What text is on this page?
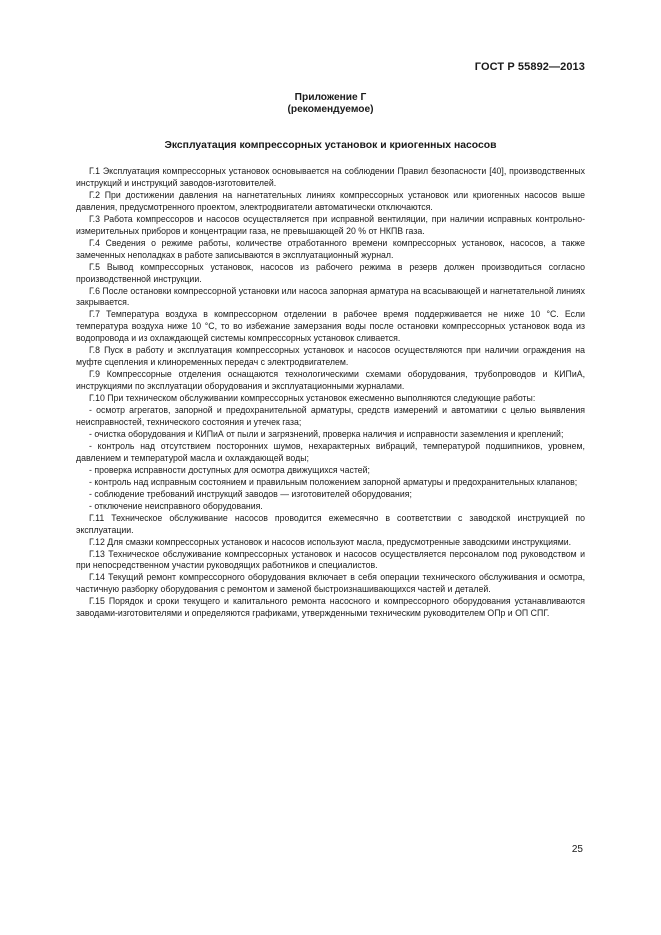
ГОСТ Р 55892—2013
Приложение Г
(рекомендуемое)
Эксплуатация компрессорных установок и криогенных насосов

Г.1 Эксплуатация компрессорных установок основывается на соблюдении Правил безопасности [40], производственных инструкций и инструкций заводов-изготовителей.

Г.2 При достижении давления на нагнетательных линиях компрессорных установок или криогенных насосов выше давления, предусмотренного проектом, электродвигатели автоматически отключаются.

Г.3 Работа компрессоров и насосов осуществляется при исправной вентиляции, при наличии исправных контрольно-измерительных приборов и концентрации газа, не превышающей 20 % от НКПВ газа.

Г.4 Сведения о режиме работы, количестве отработанного времени компрессорных установок, насосов, а также замеченных неполадках в работе записываются в эксплуатационный журнал.

Г.5 Вывод компрессорных установок, насосов из рабочего режима в резерв должен производиться согласно производственной инструкции.

Г.6 После остановки компрессорной установки или насоса запорная арматура на всасывающей и нагнетательной линиях закрывается.

Г.7 Температура воздуха в компрессорном отделении в рабочее время поддерживается не ниже 10 °С. Если температура воздуха ниже 10 °С, то во избежание замерзания воды после остановки компрессорных установок вода из водопровода и из охлаждающей системы компрессорных установок сливается.

Г.8 Пуск в работу и эксплуатация компрессорных установок и насосов осуществляются при наличии ограждения на муфте сцепления и клиноременных передач с электродвигателем.

Г.9 Компрессорные отделения оснащаются технологическими схемами оборудования, трубопроводов и КИПиА, инструкциями по эксплуатации оборудования и эксплуатационными журналами.

Г.10 При техническом обслуживании компрессорных установок ежесменно выполняются следующие работы:

- осмотр агрегатов, запорной и предохранительной арматуры, средств измерений и автоматики с целью выявления неисправностей, технического состояния и утечек газа;

- очистка оборудования и КИПиА от пыли и загрязнений, проверка наличия и исправности заземления и креплений;

- контроль над отсутствием посторонних шумов, нехарактерных вибраций, температурой подшипников, уровнем, давлением и температурой масла и охлаждающей воды;

- проверка исправности доступных для осмотра движущихся частей;

- контроль над исправным состоянием и правильным положением запорной арматуры и предохранительных клапанов;

- соблюдение требований инструкций заводов — изготовителей оборудования;

- отключение неисправного оборудования.

Г.11 Техническое обслуживание насосов проводится ежемесячно в соответствии с заводской инструкцией по эксплуатации.

Г.12 Для смазки компрессорных установок и насосов используют масла, предусмотренные заводскими инструкциями.

Г.13 Техническое обслуживание компрессорных установок и насосов осуществляется персоналом под руководством и при непосредственном участии руководящих работников и специалистов.

Г.14 Текущий ремонт компрессорного оборудования включает в себя операции технического обслуживания и осмотра, частичную разборку оборудования с ремонтом и заменой быстроизнашивающихся частей и деталей.

Г.15 Порядок и сроки текущего и капитального ремонта насосного и компрессорного оборудования устанавливаются заводами-изготовителями и определяются графиками, утвержденными техническим руководителем ОПр и ОП СПГ.

25
